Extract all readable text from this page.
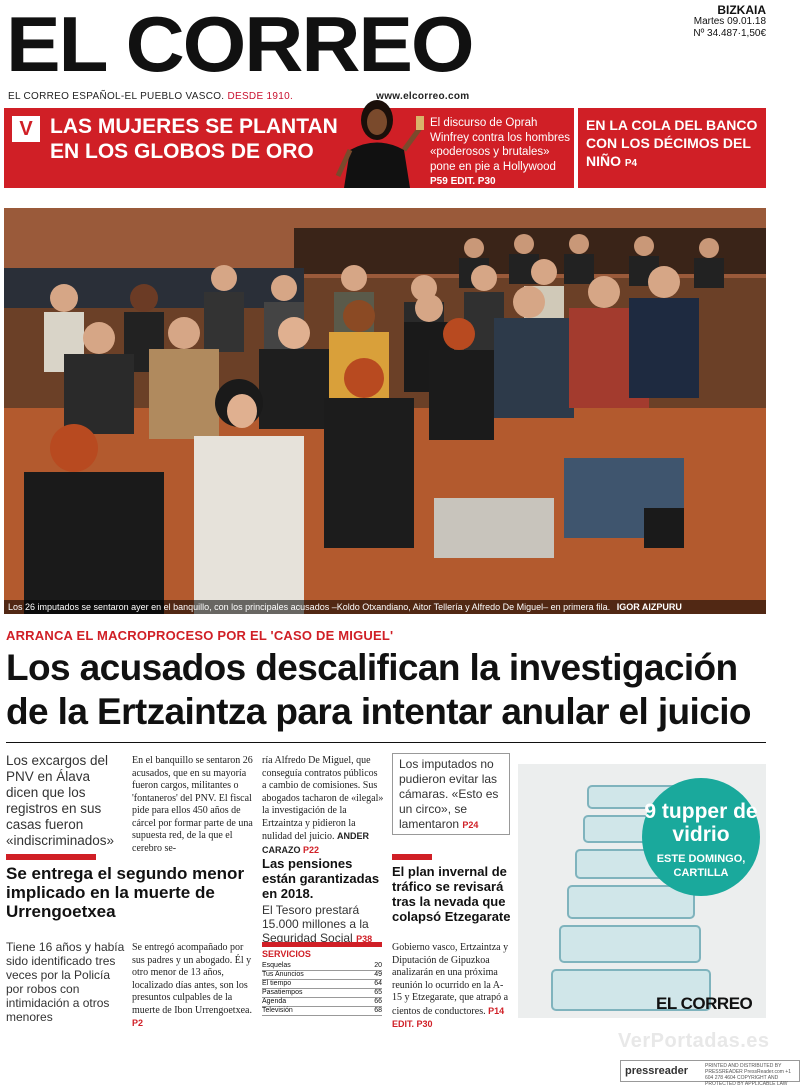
EL CORREO	BIZKAIA
Martes 09.01.18
Nº 34.487·1,50€
EL CORREO ESPAÑOL-EL PUEBLO VASCO. DESDE 1910.	www.elcorreo.com
V LAS MUJERES SE PLANTAN EN LOS GLOBOS DE ORO
El discurso de Oprah Winfrey contra los hombres «poderosos y brutales» pone en pie a Hollywood P59 EDIT. P30
EN LA COLA DEL BANCO CON LOS DÉCIMOS DEL NIÑO P4
Los 26 imputados se sentaron ayer en el banquillo, con los principales acusados –Koldo Otxandiano, Aitor Tellería y Alfredo De Miguel– en primera fila. IGOR AIZPURU
ARRANCA EL MACROPROCESO POR EL 'CASO DE MIGUEL'
Los acusados descalifican la investigación de la Ertzaintza para intentar anular el juicio
Los excargos del PNV en Álava dicen que los registros en sus casas fueron «indiscriminados»
En el banquillo se sentaron 26 acusados, que en su mayoría fueron cargos, militantes o 'fontaneros' del PNV. El fiscal pide para ellos 450 años de cárcel por formar parte de una supuesta red, de la que el cerebro se-
ría Alfredo De Miguel, que conseguía contratos públicos a cambio de comisiones. Sus abogados tacharon de «ilegal» la investigación de la Ertzaintza y pidieron la nulidad del juicio. ANDER CARAZO P22
Los imputados no pudieron evitar las cámaras. «Esto es un circo», se lamentaron P24
Se entrega el segundo menor implicado en la muerte de Urrengoetxea
Tiene 16 años y había sido identificado tres veces por la Policía por robos con intimidación a otros menores
Se entregó acompañado por sus padres y un abogado. Él y otro menor de 13 años, localizado días antes, son los presuntos culpables de la muerte de Ibon Urrengoetxea. P2
Las pensiones están garantizadas en 2018.
El Tesoro prestará 15.000 millones a la Seguridad Social P38
SERVICIOS
Esquelas	20
Tus Anuncios	49
El tiempo	64
Pasatiempos	65
Agenda	66
Televisión	68
El plan invernal de tráfico se revisará tras la nevada que colapsó Etzegarate
Gobierno vasco, Ertzaintza y Diputación de Gipuzkoa analizarán en una próxima reunión lo ocurrido en la A-15 y Etzegarate, que atrapó a cientos de conductores. P14 EDIT. P30
9 tupper de vidrio
ESTE DOMINGO, CARTILLA
EL CORREO
VerPortadas.es
pressreader	PRINTED AND DISTRIBUTED BY PRESSREADER PressReader.com +1 604 278 4604 COPYRIGHT AND PROTECTED BY APPLICABLE LAW
